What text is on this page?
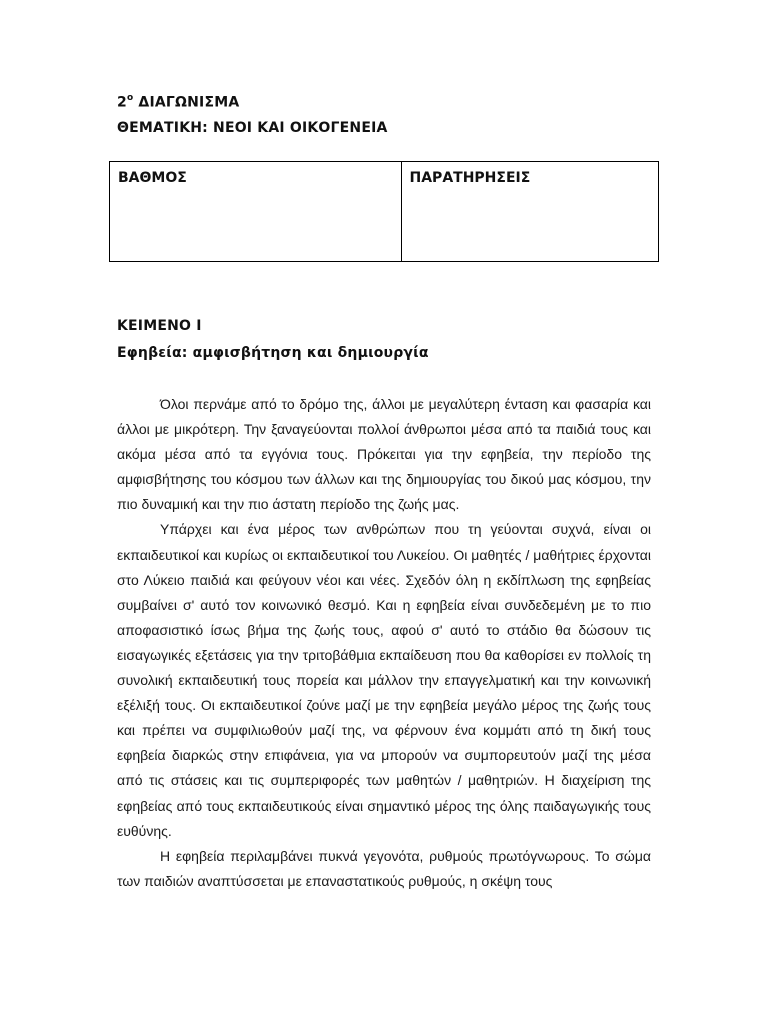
$2^o$ ΔΙΑΓΩΝΙΣΜΑ
ΘΕΜΑΤΙΚΗ: ΝΕΟΙ ΚΑΙ ΟΙΚΟΓΕΝΕΙΑ
ΒΑΘΜΟΣ	ΠΑΡΑΤΗΡΗΣΕΙΣ
ΚΕΙΜΕΝΟ Ι
Εφηβεία: αμφισβήτηση και δημιουργία

Όλοι περνάμε από το δρόμο της, άλλοι με μεγαλύτερη ένταση και φασαρία και άλλοι με μικρότερη. Την ξαναγεύονται πολλοί άνθρωποι μέσα από τα παιδιά τους και ακόμα μέσα από τα εγγόνια τους. Πρόκειται για την εφηβεία, την περίοδο της αμφισβήτησης του κόσμου των άλλων και της δημιουργίας του δικού μας κόσμου, την πιο δυναμική και την πιο άστατη περίοδο της ζωής μας.

Υπάρχει και ένα μέρος των ανθρώπων που τη γεύονται συχνά, είναι οι εκπαιδευτικοί και κυρίως οι εκπαιδευτικοί του Λυκείου. Οι μαθητές / μαθήτριες έρχονται στο Λύκειο παιδιά και φεύγουν νέοι και νέες. Σχεδόν όλη η εκδίπλωση της εφηβείας συμβαίνει σ' αυτό τον κοινωνικό θεσμό. Και η εφηβεία είναι συνδεδεμένη με το πιο αποφασιστικό ίσως βήμα της ζωής τους, αφού σ' αυτό το στάδιο θα δώσουν τις εισαγωγικές εξετάσεις για την τριτοβάθμια εκπαίδευση που θα καθορίσει εν πολλοίς τη συνολική εκπαιδευτική τους πορεία και μάλλον την επαγγελματική και την κοινωνική εξέλιξή τους. Οι εκπαιδευτικοί ζούνε μαζί με την εφηβεία μεγάλο μέρος της ζωής τους και πρέπει να συμφιλιωθούν μαζί της, να φέρνουν ένα κομμάτι από τη δική τους εφηβεία διαρκώς στην επιφάνεια, για να μπορούν να συμπορευτούν μαζί της μέσα από τις στάσεις και τις συμπεριφορές των μαθητών / μαθητριών. Η διαχείριση της εφηβείας από τους εκπαιδευτικούς είναι σημαντικό μέρος της όλης παιδαγωγικής τους ευθύνης.

Η εφηβεία περιλαμβάνει πυκνά γεγονότα, ρυθμούς πρωτόγνωρους. Το σώμα των παιδιών αναπτύσσεται με επαναστατικούς ρυθμούς, η σκέψη τους
